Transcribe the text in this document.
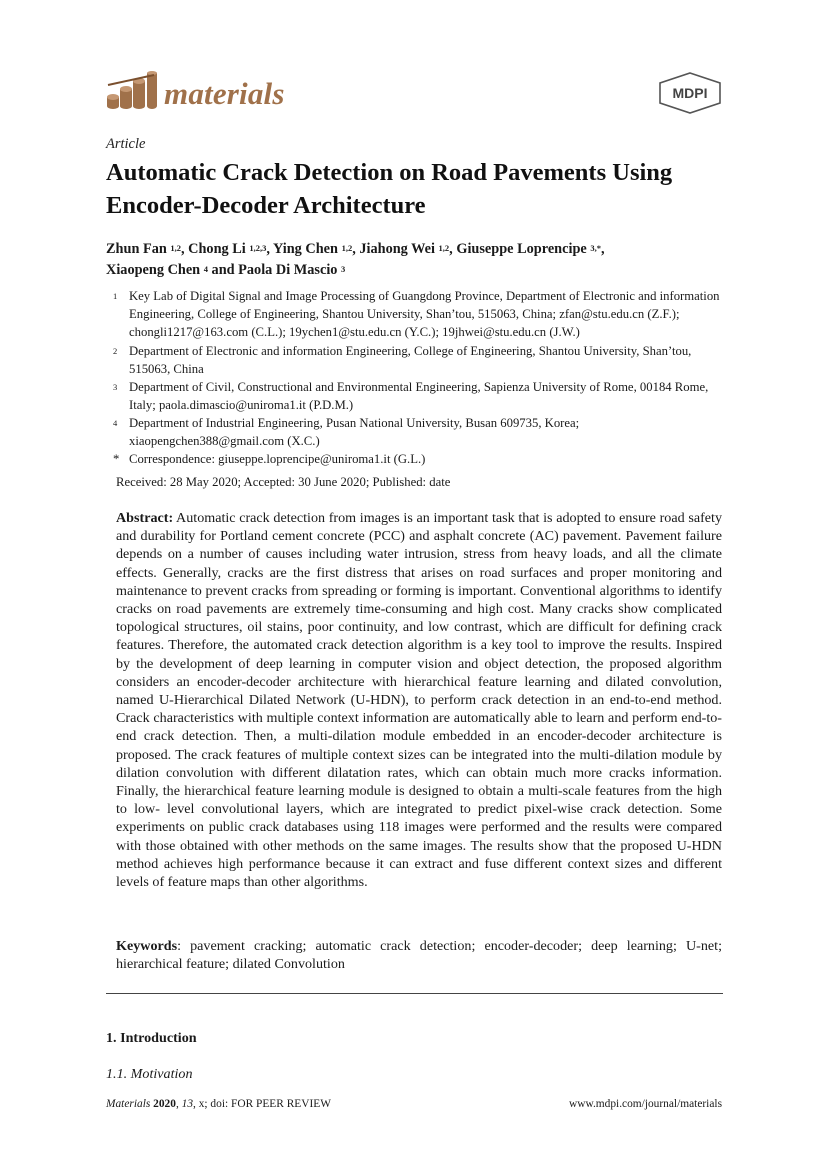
materials	MDPI
Article
Automatic Crack Detection on Road Pavements Using Encoder-Decoder Architecture
Zhun Fan $^{1,2}$, Chong Li $^{1,2,3}$, Ying Chen $^{1,2}$, Jiahong Wei $^{1,2}$, Giuseppe Loprencipe $^{3,*}$,
Xiaopeng Chen $^4$ and Paola Di Mascio $^3$
1 Key Lab of Digital Signal and Image Processing of Guangdong Province, Department of Electronic and information Engineering, College of Engineering, Shantou University, Shan’tou, 515063, China; zfan@stu.edu.cn (Z.F.); chongli1217@163.com (C.L.); 19ychen1@stu.edu.cn (Y.C.); 19jhwei@stu.edu.cn (J.W.)
2 Department of Electronic and information Engineering, College of Engineering, Shantou University, Shan’tou, 515063, China
3 Department of Civil, Constructional and Environmental Engineering, Sapienza University of Rome, 00184 Rome, Italy; paola.dimascio@uniroma1.it (P.D.M.)
4 Department of Industrial Engineering, Pusan National University, Busan 609735, Korea; xiaopengchen388@gmail.com (X.C.)
* Correspondence: giuseppe.loprencipe@uniroma1.it (G.L.)
Received: 28 May 2020; Accepted: 30 June 2020; Published: date
Abstract: Automatic crack detection from images is an important task that is adopted to ensure road safety and durability for Portland cement concrete (PCC) and asphalt concrete (AC) pavement. Pavement failure depends on a number of causes including water intrusion, stress from heavy loads, and all the climate effects. Generally, cracks are the first distress that arises on road surfaces and proper monitoring and maintenance to prevent cracks from spreading or forming is important. Conventional algorithms to identify cracks on road pavements are extremely time-consuming and high cost. Many cracks show complicated topological structures, oil stains, poor continuity, and low contrast, which are difficult for defining crack features. Therefore, the automated crack detection algorithm is a key tool to improve the results. Inspired by the development of deep learning in computer vision and object detection, the proposed algorithm considers an encoder-decoder architecture with hierarchical feature learning and dilated convolution, named U-Hierarchical Dilated Network (U-HDN), to perform crack detection in an end-to-end method. Crack characteristics with multiple context information are automatically able to learn and perform end-to-end crack detection. Then, a multi-dilation module embedded in an encoder-decoder architecture is proposed. The crack features of multiple context sizes can be integrated into the multi-dilation module by dilation convolution with different dilatation rates, which can obtain much more cracks information. Finally, the hierarchical feature learning module is designed to obtain a multi-scale features from the high to low- level convolutional layers, which are integrated to predict pixel-wise crack detection. Some experiments on public crack databases using 118 images were performed and the results were compared with those obtained with other methods on the same images. The results show that the proposed U-HDN method achieves high performance because it can extract and fuse different context sizes and different levels of feature maps than other algorithms.
Keywords: pavement cracking; automatic crack detection; encoder-decoder; deep learning; U-net; hierarchical feature; dilated Convolution
1. Introduction
1.1. Motivation
Materials 2020, 13, x; doi: FOR PEER REVIEW	www.mdpi.com/journal/materials
